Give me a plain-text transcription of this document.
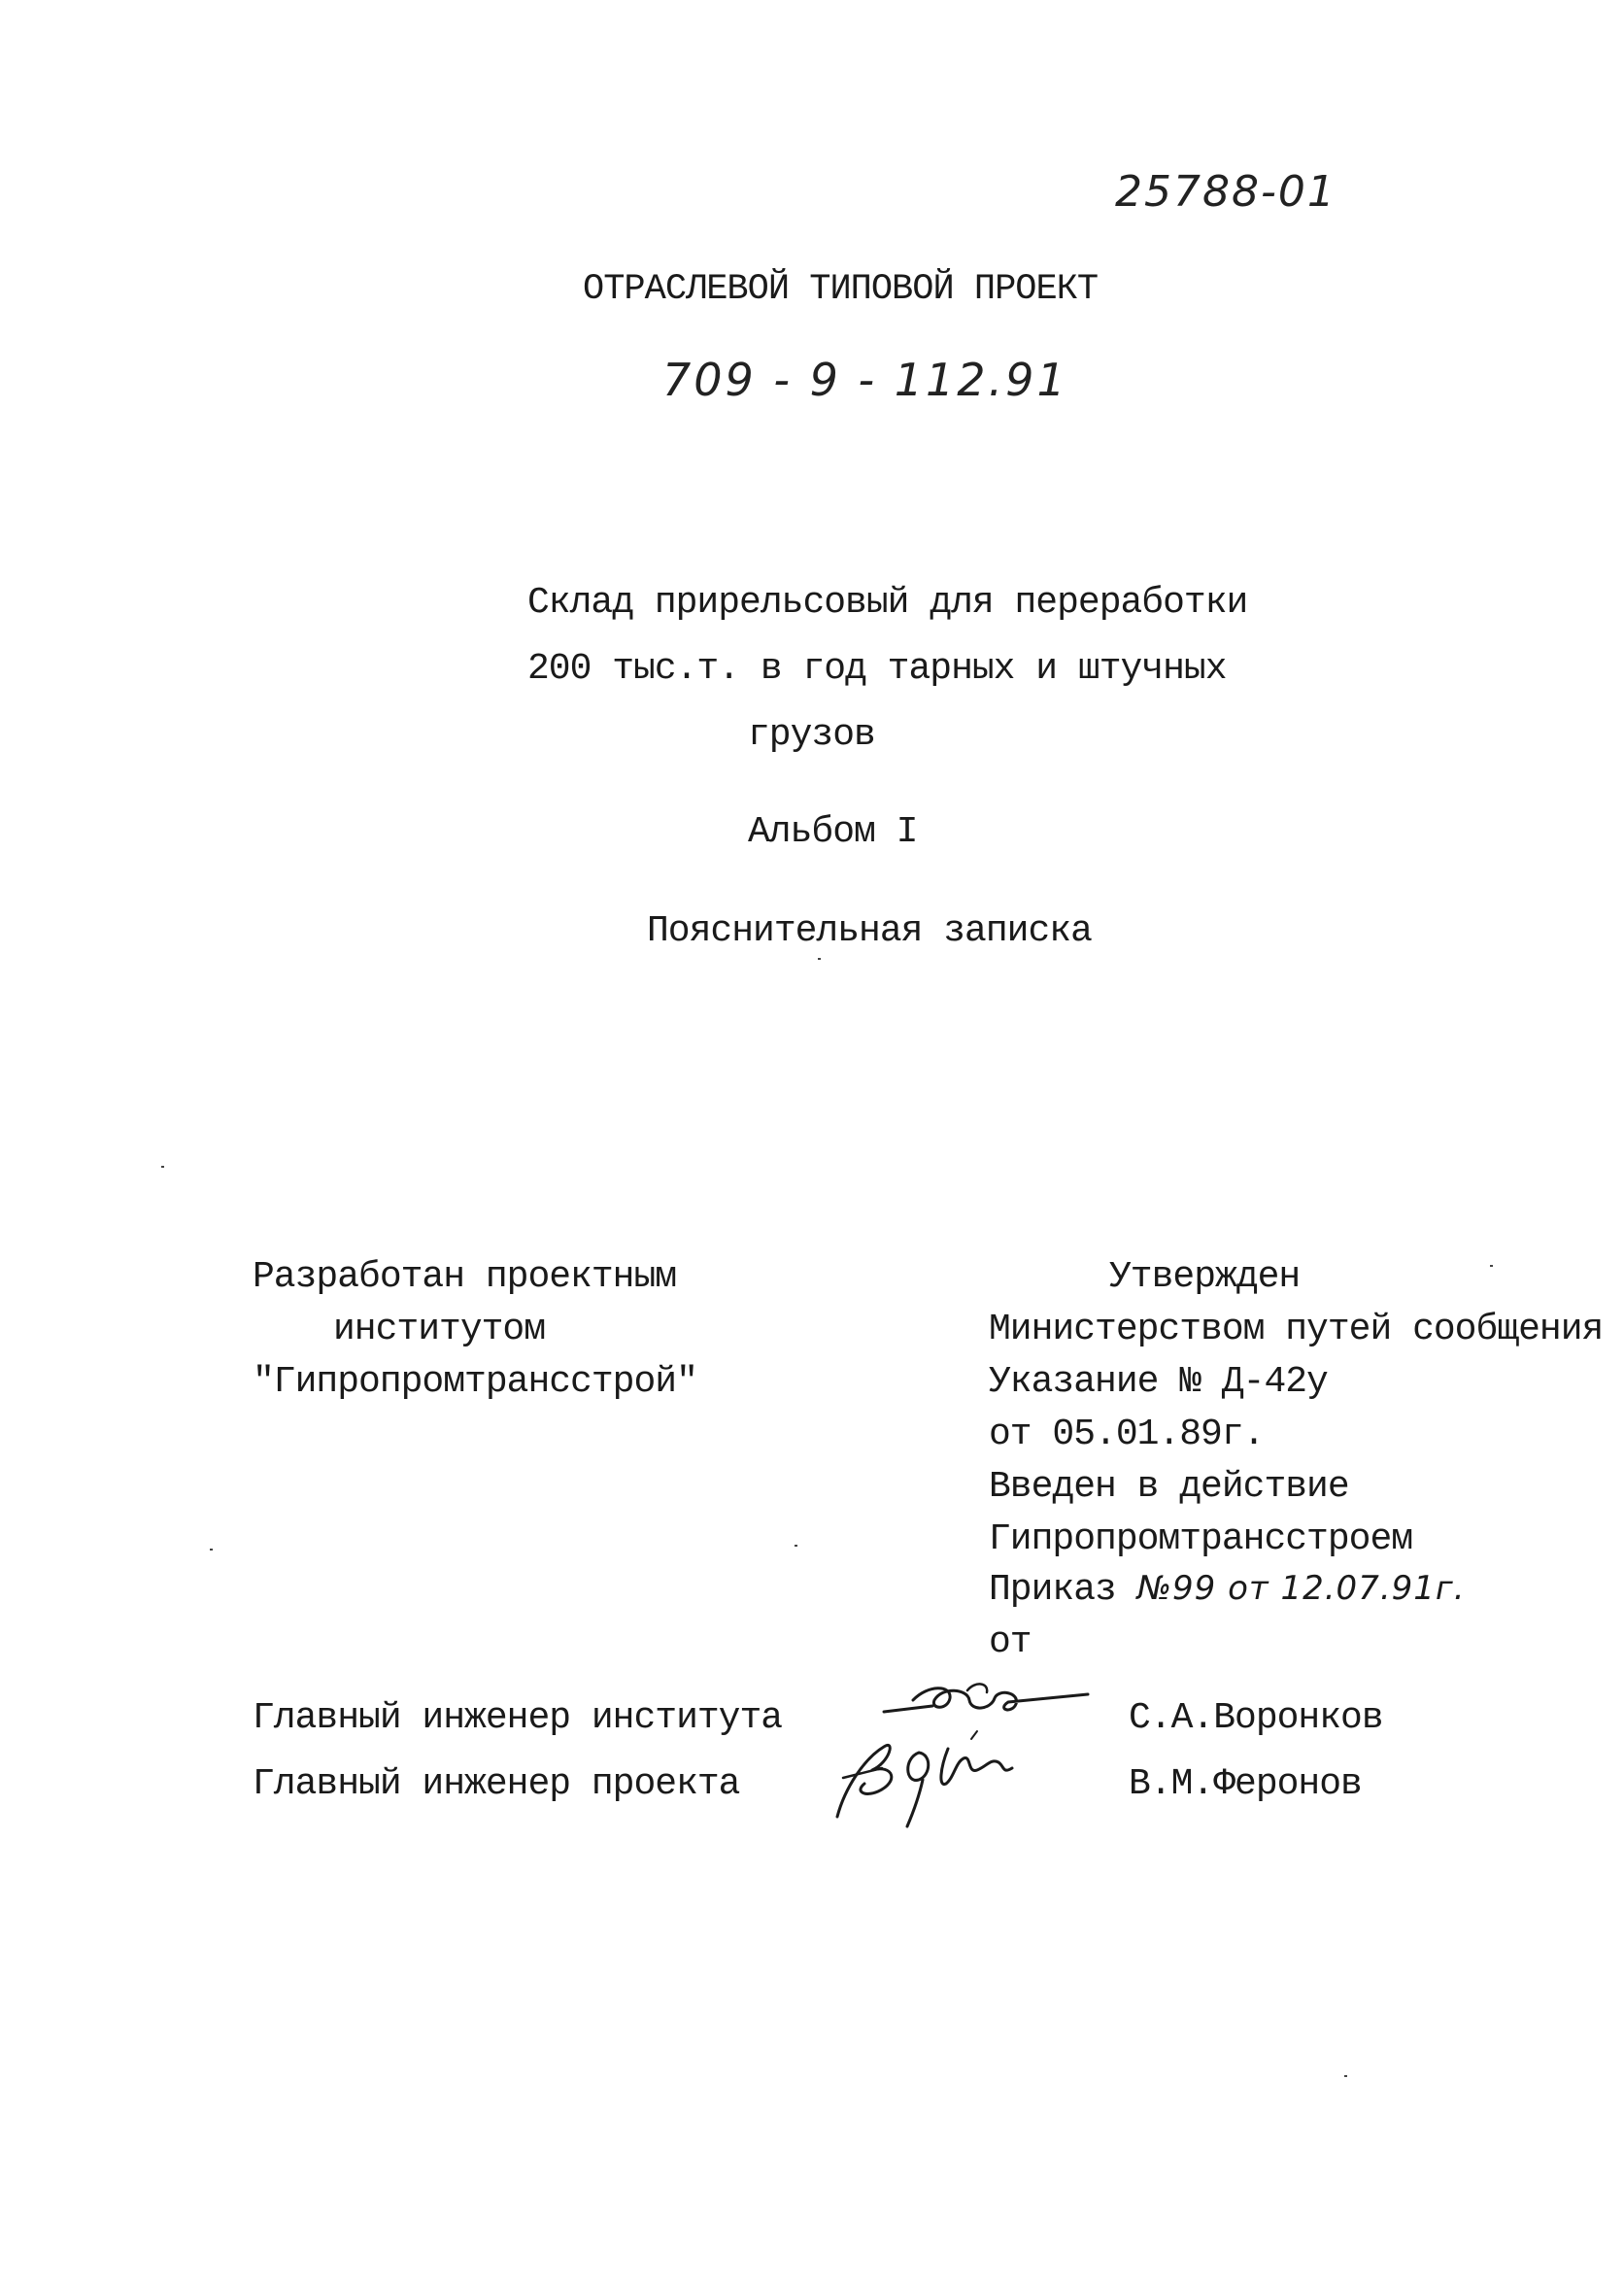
25788-01
ОТРАСЛЕВОЙ ТИПОВОЙ ПРОЕКТ
709 - 9 - 112.91
Склад прирельсовый для переработки
200 тыс.т. в год тарных и штучных
грузов
Альбом I
Пояснительная записка
Разработан проектным
институтом
"Гипропромтрансстрой"
Утвержден
Министерством путей сообщения
Указание № Д-42у
от 05.01.89г.
Введен в действие
Гипропромтрансстроем
Приказ №99 от 12.07.91г.
от
Главный инженер института	С.А.Воронков
Главный инженер проекта	В.М.Феронов
